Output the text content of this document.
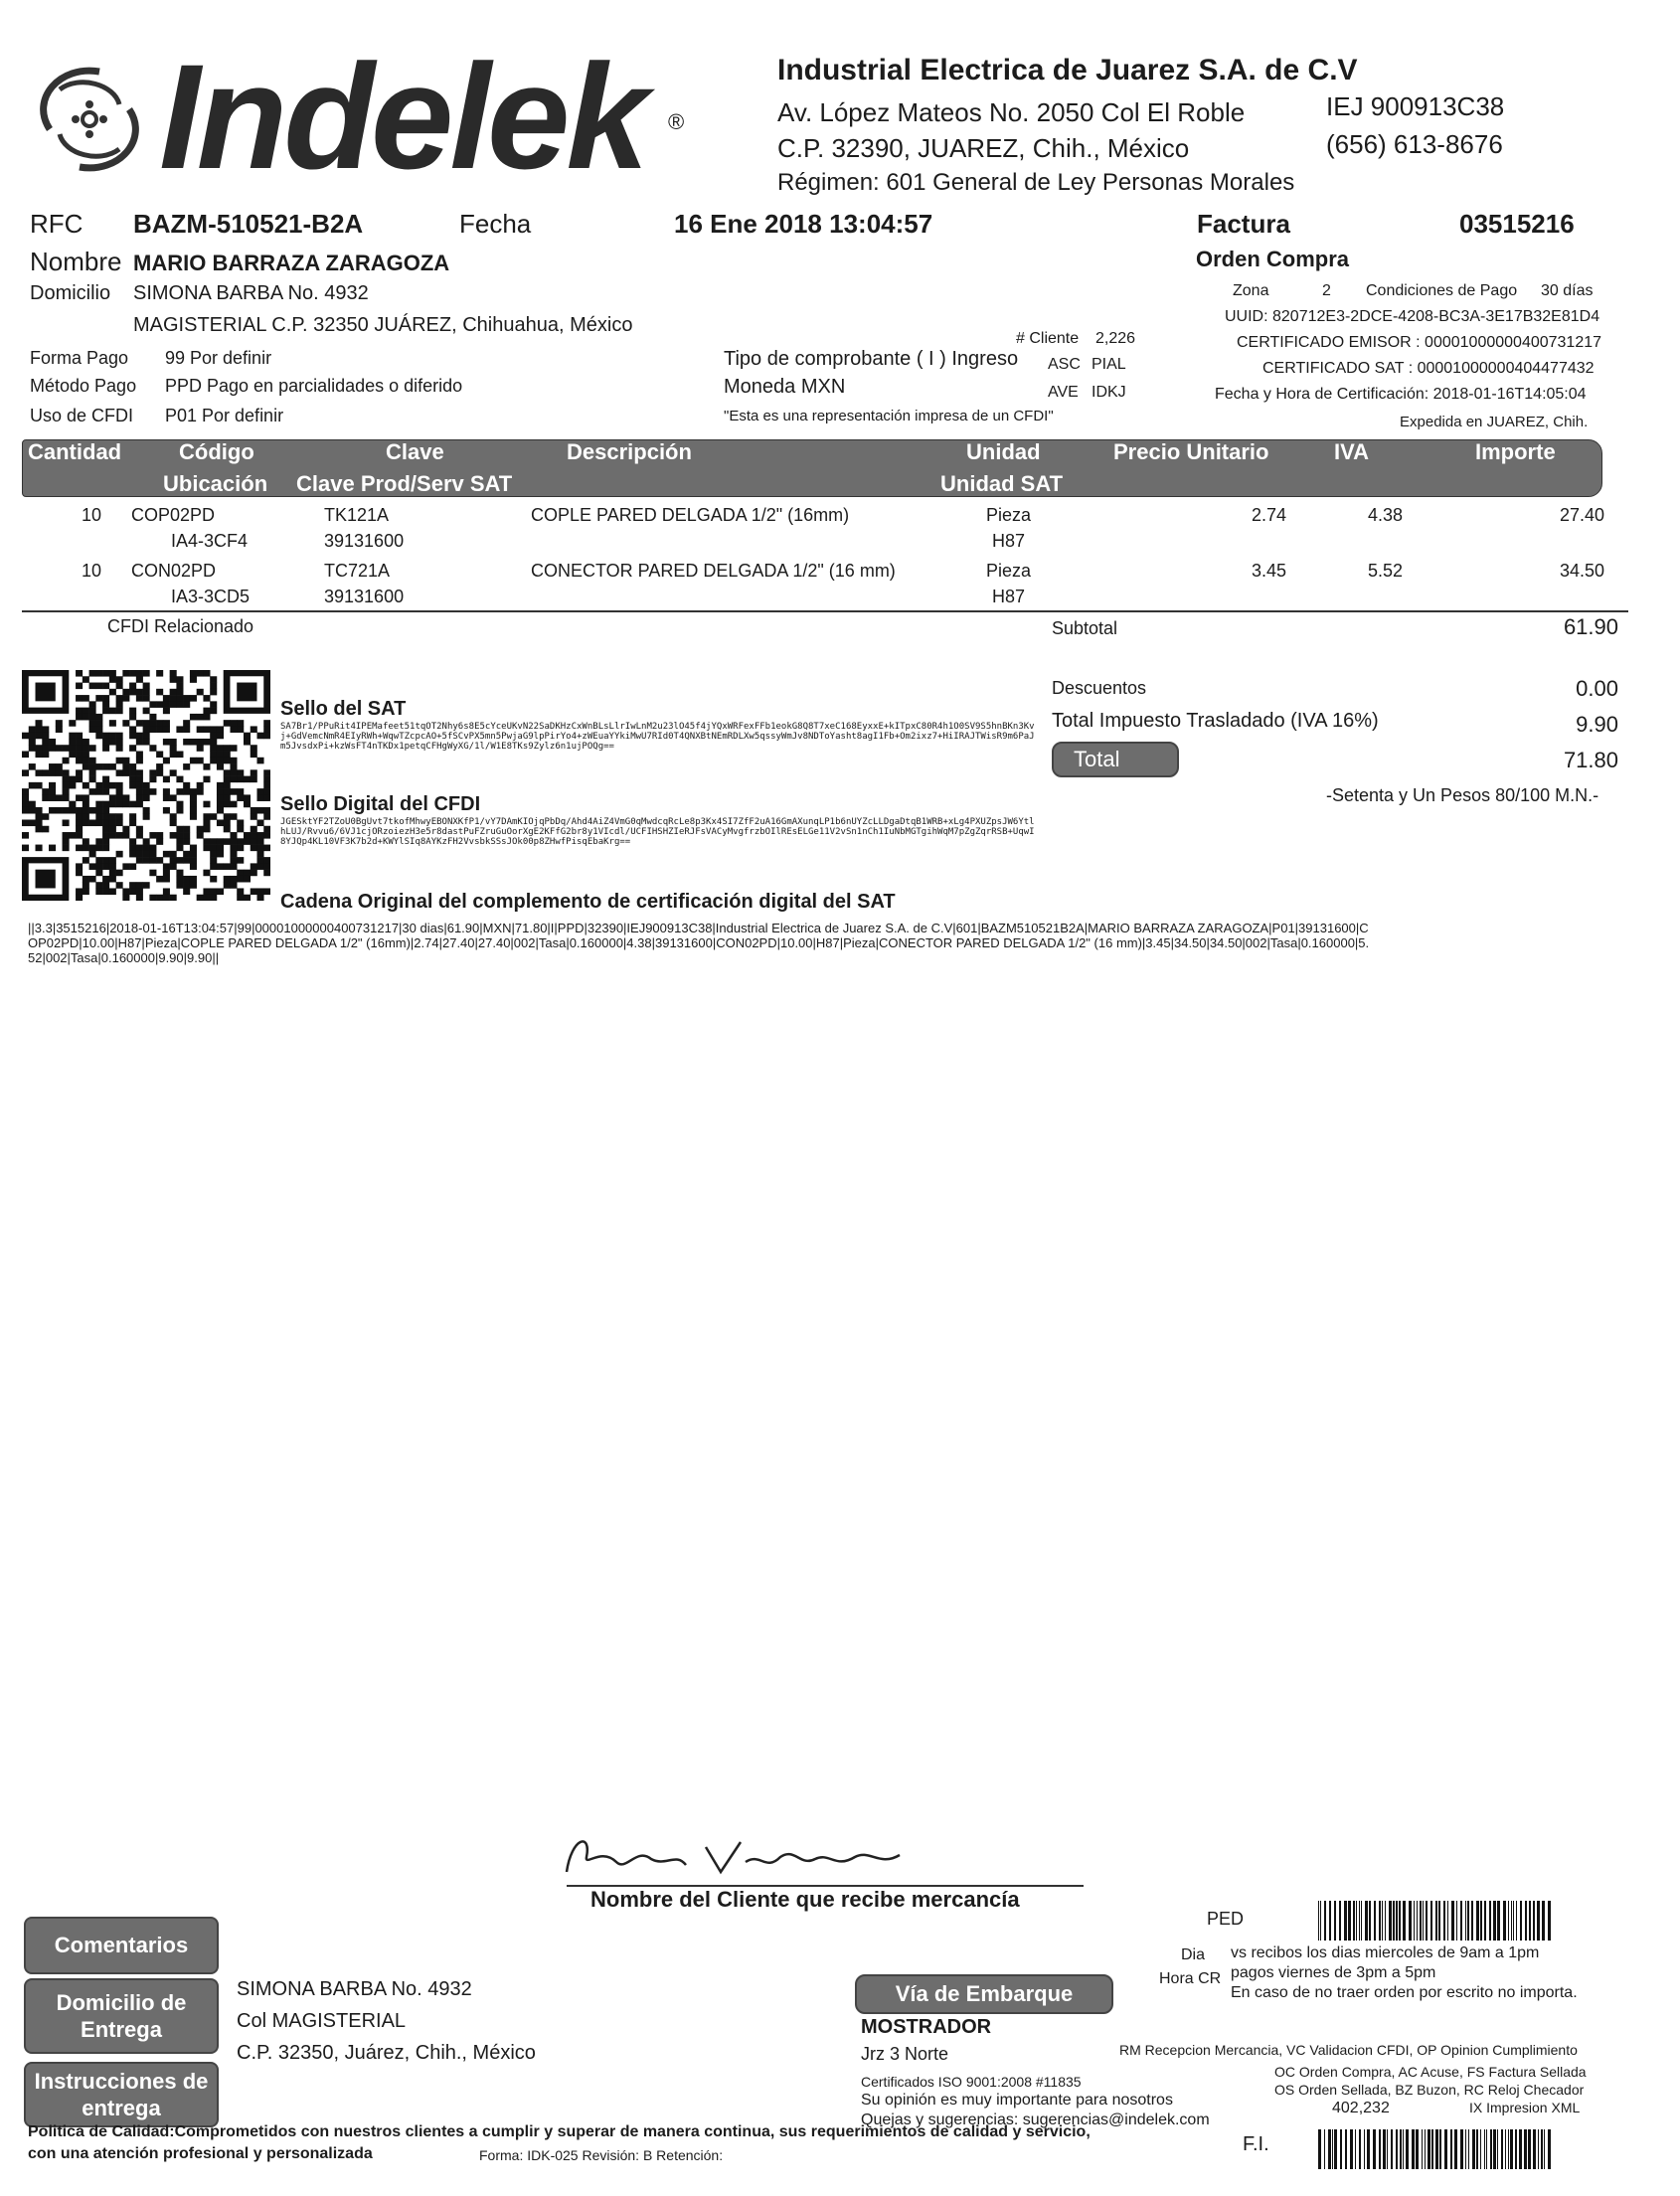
Indelek ®
Industrial Electrica de Juarez S.A. de C.V
Av. López Mateos No. 2050 Col El Roble	IEJ 900913C38
C.P. 32390, JUAREZ, Chih., México	(656) 613-8676
Régimen: 601 General de Ley Personas Morales
RFC BAZM-510521-B2A	Fecha	16 Ene 2018 13:04:57	Factura	03515216
Nombre MARIO BARRAZA ZARAGOZA	Orden Compra
Domicilio SIMONA BARBA No. 4932
MAGISTERIAL C.P. 32350 JUÁREZ, Chihuahua, México
Zona	2 Condiciones de Pago 30 días
UUID: 820712E3-2DCE-4208-BC3A-3E17B32E81D4
# Cliente 2,226	CERTIFICADO EMISOR : 00001000000400731217
Forma Pago 99 Por definir	Tipo de comprobante ( I ) Ingreso ASC PIAL	CERTIFICADO SAT : 00001000000404477432
Método Pago PPD Pago en parcialidades o diferido	Moneda MXN	AVE IDKJ	Fecha y Hora de Certificación: 2018-01-16T14:05:04
Uso de CFDI P01 Por definir	"Esta es una representación impresa de un CFDI"	Expedida en JUAREZ, Chih.
Cantidad	Código	Clave	Descripción	Unidad	Precio Unitario	IVA	Importe
Ubicación Clave Prod/Serv SAT	Unidad SAT
10 COP02PD	TK121A	COPLE PARED DELGADA 1/2" (16mm)	Pieza	2.74	4.38	27.40
IA4-3CF4	39131600	H87
10 CON02PD	TC721A	CONECTOR PARED DELGADA 1/2" (16 mm)	Pieza	3.45	5.52	34.50
IA3-3CD5	39131600	H87
CFDI Relacionado	Subtotal	61.90
Descuentos	0.00
Total Impuesto Trasladado (IVA 16%)	9.90
Total	71.80
-Setenta y Un Pesos 80/100 M.N.-
Sello del SAT
SA7Br1/PPuRit4IPEMafeet51tqOT2Nhy6s8E5cYceUKvN22SaDKHzCxWnBLsLlrIwLnM2u23lO45f4jYQxWRFexFFb1eokG8Q8T7xeC168EyxxE+kITpxC80R4h1O0SV9S5hnBKn3Kvj+GdVemcNmR4EIyRWh+WqwTZcpcAO+5fSCvPX5mn5PwjaG9lpPirYo4+zWEuaYYkiMwU7RId0T4QNXBtNEmRDLXw5qssyWmJv8NDToYasht8agI1Fb+Om2ixz7+HiIRAJTWisR9m6PaJm5JvsdxPi+kzWsFT4nTKDx1petqCFHgWyXG/1l/W1E8TKs9Zylz6n1ujPOQg==
Sello Digital del CFDI
JGESktYF2TZoU0BgUvt7tkofMhwyEBONXKfP1/vY7DAmKIOjqPbDq/Ahd4AiZ4VmG0qMwdcqRcLe8p3Kx4SI7ZfF2uA16GmAXunqLP1b6nUYZcLLDgaDtqB1WRB+xLg4PXUZpsJW6YtlhLUJ/Rvvu6/6VJ1cjORzoiezH3e5r8dastPuFZruGuOorXgE2KFfG2br8y1VIcdl/UCFIHSHZIeRJFsVACyMvgfrzbOIlREsELGe11V2vSn1nCh1IuNbMGTgihWqM7pZgZqrRSB+UqwI8YJQp4KL10VF3K7b2d+KWYlSIq8AYKzFH2VvsbkSSsJOk00p8ZHwfPisqEbaKrg==
Cadena Original del complemento de certificación digital del SAT
||3.3|3515216|2018-01-16T13:04:57|99|00001000000400731217|30 dias|61.90|MXN|71.80|I|PPD|32390|IEJ900913C38|Industrial Electrica de Juarez S.A. de C.V|601|BAZM510521B2A|MARIO BARRAZA ZARAGOZA|P01|39131600|COP02PD|10.00|H87|Pieza|COPLE PARED DELGADA 1/2" (16mm)|2.74|27.40|27.40|002|Tasa|0.160000|4.38|39131600|CON02PD|10.00|H87|Pieza|CONECTOR PARED DELGADA 1/2" (16 mm)|3.45|34.50|34.50|002|Tasa|0.160000|5.52|002|Tasa|0.160000|9.90|9.90||
Nombre del Cliente que recibe mercancía
PED
Dia
Hora CR
vs recibos los dias miercoles de 9am a 1pm
pagos viernes de 3pm a 5pm
En caso de no traer orden por escrito no importa.
Comentarios
Domicilio de Entrega
Instrucciones de entrega
SIMONA BARBA No. 4932
Col MAGISTERIAL
C.P. 32350, Juárez, Chih., México
Vía de Embarque
MOSTRADOR
Jrz 3 Norte
Certificados ISO 9001:2008 #11835
Su opinión es muy importante para nosotros
Quejas y sugerencias: sugerencias@indelek.com
RM Recepcion Mercancia, VC Validacion CFDI, OP Opinion Cumplimiento
OC Orden Compra, AC Acuse, FS Factura Sellada
OS Orden Sellada, BZ Buzon, RC Reloj Checador
402,232	IX Impresion XML
F.I.
Politica de Calidad:Comprometidos con nuestros clientes a cumplir y superar de manera continua, sus requerimientos de calidad y servicio,
con una atención profesional y personalizada	Forma: IDK-025 Revisión: B Retención:
